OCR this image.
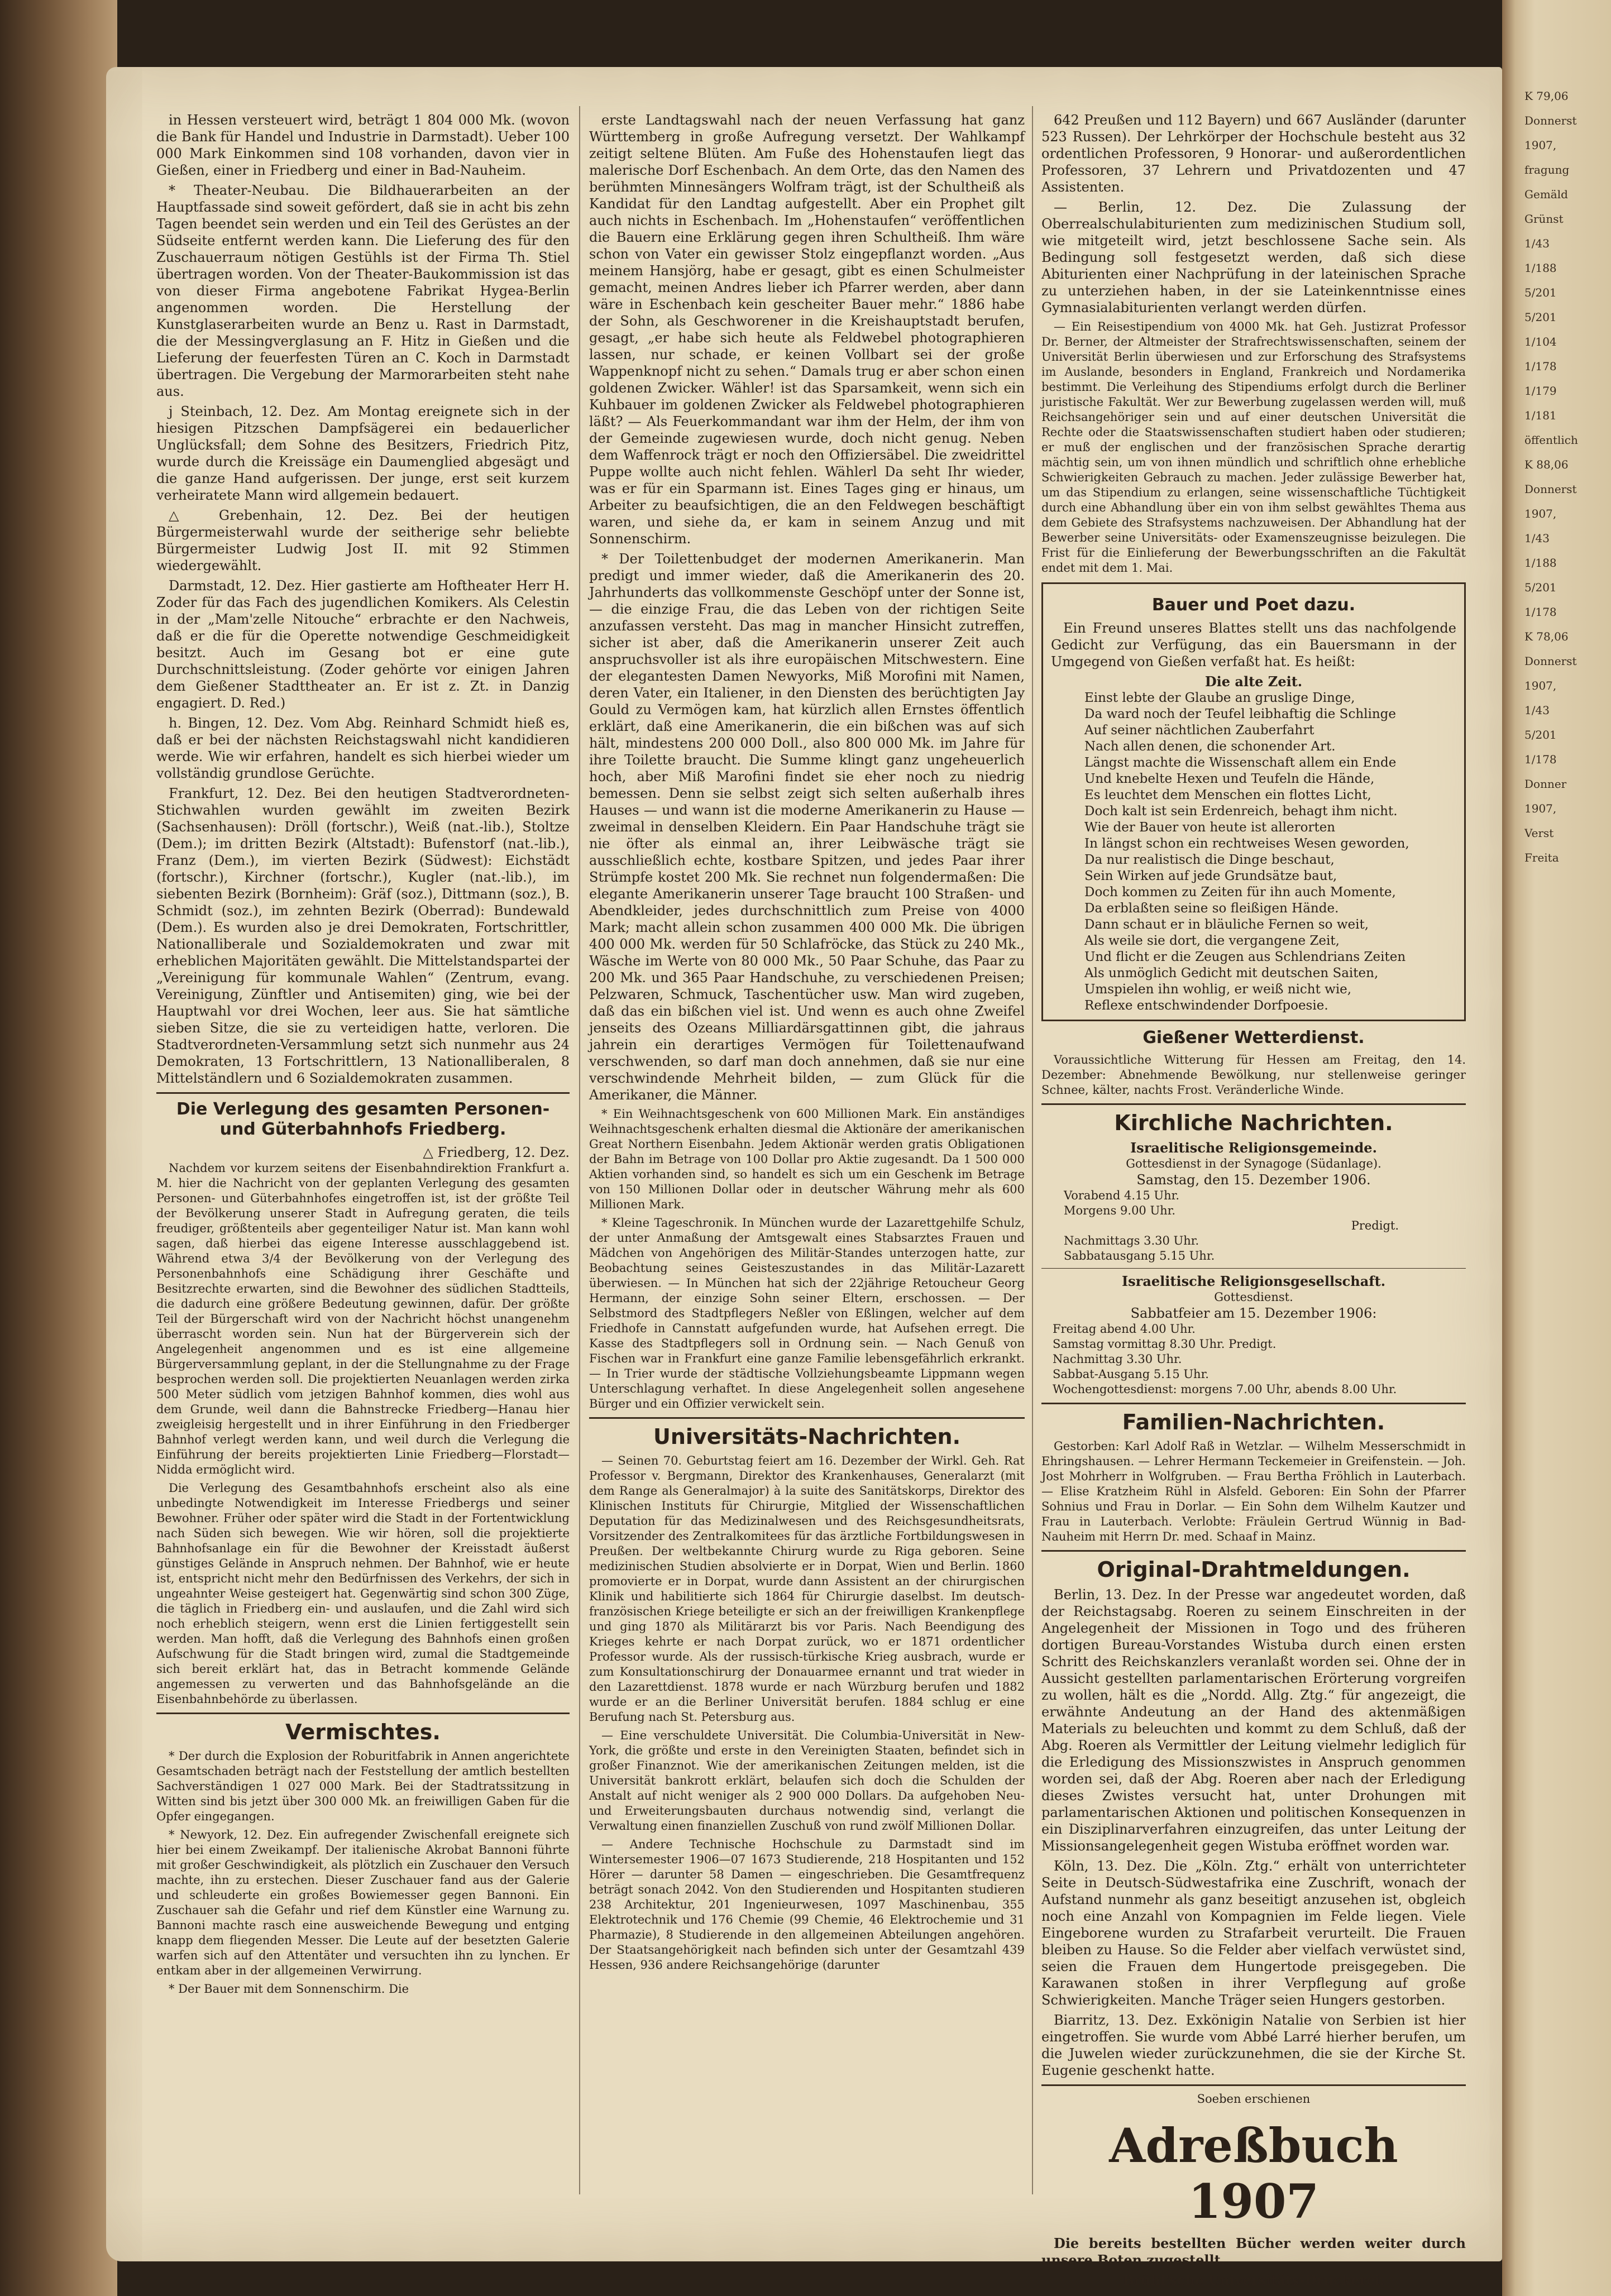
in Hessen versteuert wird, beträgt 1 804 000 Mk. (wovon die Bank für Handel und Industrie in Darmstadt). Ueber 100 000 Mark Einkommen sind 108 vorhanden, davon vier in Gießen, einer in Friedberg und einer in Bad-Nauheim.

* Theater-Neubau. Die Bildhauerarbeiten an der Hauptfassade sind soweit gefördert, daß sie in acht bis zehn Tagen beendet sein werden und ein Teil des Gerüstes an der Südseite entfernt werden kann. Die Lieferung des für den Zuschauerraum nötigen Gestühls ist der Firma Th. Stiel übertragen worden. Von der Theater-Baukommission ist das von dieser Firma angebotene Fabrikat Hygea-Berlin angenommen worden. Die Herstellung der Kunstglaserarbeiten wurde an Benz u. Rast in Darmstadt, die der Messingverglasung an F. Hitz in Gießen und die Lieferung der feuerfesten Türen an C. Koch in Darmstadt übertragen. Die Vergebung der Marmorarbeiten steht nahe aus.

j Steinbach, 12. Dez. Am Montag ereignete sich in der hiesigen Pitzschen Dampfsägerei ein bedauerlicher Unglücksfall; dem Sohne des Besitzers, Friedrich Pitz, wurde durch die Kreissäge ein Daumenglied abgesägt und die ganze Hand aufgerissen. Der junge, erst seit kurzem verheiratete Mann wird allgemein bedauert.

△ Grebenhain, 12. Dez. Bei der heutigen Bürgermeisterwahl wurde der seitherige sehr beliebte Bürgermeister Ludwig Jost II. mit 92 Stimmen wiedergewählt.

Darmstadt, 12. Dez. Hier gastierte am Hoftheater Herr H. Zoder für das Fach des jugendlichen Komikers. Als Celestin in der „Mam'zelle Nitouche“ erbrachte er den Nachweis, daß er die für die Operette notwendige Geschmeidigkeit besitzt. Auch im Gesang bot er eine gute Durchschnittsleistung. (Zoder gehörte vor einigen Jahren dem Gießener Stadttheater an. Er ist z. Zt. in Danzig engagiert. D. Red.)

h. Bingen, 12. Dez. Vom Abg. Reinhard Schmidt hieß es, daß er bei der nächsten Reichstagswahl nicht kandidieren werde. Wie wir erfahren, handelt es sich hierbei wieder um vollständig grundlose Gerüchte.

Frankfurt, 12. Dez. Bei den heutigen Stadtverordneten-Stichwahlen wurden gewählt im zweiten Bezirk (Sachsenhausen): Dröll (fortschr.), Weiß (nat.-lib.), Stoltze (Dem.); im dritten Bezirk (Altstadt): Bufenstorf (nat.-lib.), Franz (Dem.), im vierten Bezirk (Südwest): Eichstädt (fortschr.), Kirchner (fortschr.), Kugler (nat.-lib.), im siebenten Bezirk (Bornheim): Gräf (soz.), Dittmann (soz.), B. Schmidt (soz.), im zehnten Bezirk (Oberrad): Bundewald (Dem.). Es wurden also je drei Demokraten, Fortschrittler, Nationalliberale und Sozialdemokraten und zwar mit erheblichen Majoritäten gewählt. Die Mittelstandspartei der „Vereinigung für kommunale Wahlen“ (Zentrum, evang. Vereinigung, Zünftler und Antisemiten) ging, wie bei der Hauptwahl vor drei Wochen, leer aus. Sie hat sämtliche sieben Sitze, die sie zu verteidigen hatte, verloren. Die Stadtverordneten-Versammlung setzt sich nunmehr aus 24 Demokraten, 13 Fortschrittlern, 13 Nationalliberalen, 8 Mittelständlern und 6 Sozialdemokraten zusammen.

Die Verlegung des gesamten Personen- und Güterbahnhofs Friedberg.
△ Friedberg, 12. Dez.

Nachdem vor kurzem seitens der Eisenbahndirektion Frankfurt a. M. hier die Nachricht von der geplanten Verlegung des gesamten Personen- und Güterbahnhofes eingetroffen ist, ist der größte Teil der Bevölkerung unserer Stadt in Aufregung geraten, die teils freudiger, größtenteils aber gegenteiliger Natur ist. Man kann wohl sagen, daß hierbei das eigene Interesse ausschlaggebend ist. Während etwa 3/4 der Bevölkerung von der Verlegung des Personenbahnhofs eine Schädigung ihrer Geschäfte und Besitzrechte erwarten, sind die Bewohner des südlichen Stadtteils, die dadurch eine größere Bedeutung gewinnen, dafür. Der größte Teil der Bürgerschaft wird von der Nachricht höchst unangenehm überrascht worden sein. Nun hat der Bürgerverein sich der Angelegenheit angenommen und es ist eine allgemeine Bürgerversammlung geplant, in der die Stellungnahme zu der Frage besprochen werden soll. Die projektierten Neuanlagen werden zirka 500 Meter südlich vom jetzigen Bahnhof kommen, dies wohl aus dem Grunde, weil dann die Bahnstrecke Friedberg—Hanau hier zweigleisig hergestellt und in ihrer Einführung in den Friedberger Bahnhof verlegt werden kann, und weil durch die Verlegung die Einführung der bereits projektierten Linie Friedberg—Florstadt—Nidda ermöglicht wird.

Die Verlegung des Gesamtbahnhofs erscheint also als eine unbedingte Notwendigkeit im Interesse Friedbergs und seiner Bewohner. Früher oder später wird die Stadt in der Fortentwicklung nach Süden sich bewegen. Wie wir hören, soll die projektierte Bahnhofsanlage ein für die Bewohner der Kreisstadt äußerst günstiges Gelände in Anspruch nehmen. Der Bahnhof, wie er heute ist, entspricht nicht mehr den Bedürfnissen des Verkehrs, der sich in ungeahnter Weise gesteigert hat. Gegenwärtig sind schon 300 Züge, die täglich in Friedberg ein- und auslaufen, und die Zahl wird sich noch erheblich steigern, wenn erst die Linien fertiggestellt sein werden. Man hofft, daß die Verlegung des Bahnhofs einen großen Aufschwung für die Stadt bringen wird, zumal die Stadtgemeinde sich bereit erklärt hat, das in Betracht kommende Gelände angemessen zu verwerten und das Bahnhofsgelände an die Eisenbahnbehörde zu überlassen.

Vermischtes.

* Der durch die Explosion der Roburitfabrik in Annen angerichtete Gesamtschaden beträgt nach der Feststellung der amtlich bestellten Sachverständigen 1 027 000 Mark. Bei der Stadtratssitzung in Witten sind bis jetzt über 300 000 Mk. an freiwilligen Gaben für die Opfer eingegangen.

* Newyork, 12. Dez. Ein aufregender Zwischenfall ereignete sich hier bei einem Zweikampf. Der italienische Akrobat Bannoni führte mit großer Geschwindigkeit, als plötzlich ein Zuschauer den Versuch machte, ihn zu erstechen. Dieser Zuschauer fand aus der Galerie und schleuderte ein großes Bowiemesser gegen Bannoni. Ein Zuschauer sah die Gefahr und rief dem Künstler eine Warnung zu. Bannoni machte rasch eine ausweichende Bewegung und entging knapp dem fliegenden Messer. Die Leute auf der besetzten Galerie warfen sich auf den Attentäter und versuchten ihn zu lynchen. Er entkam aber in der allgemeinen Verwirrung.

* Der Bauer mit dem Sonnenschirm. Die

erste Landtagswahl nach der neuen Verfassung hat ganz Württemberg in große Aufregung versetzt. Der Wahlkampf zeitigt seltene Blüten. Am Fuße des Hohenstaufen liegt das malerische Dorf Eschenbach. An dem Orte, das den Namen des berühmten Minnesängers Wolfram trägt, ist der Schultheiß als Kandidat für den Landtag aufgestellt. Aber ein Prophet gilt auch nichts in Eschenbach. Im „Hohenstaufen“ veröffentlichen die Bauern eine Erklärung gegen ihren Schultheiß. Ihm wäre schon von Vater ein gewisser Stolz eingepflanzt worden. „Aus meinem Hansjörg, habe er gesagt, gibt es einen Schulmeister gemacht, meinen Andres lieber ich Pfarrer werden, aber dann wäre in Eschenbach kein gescheiter Bauer mehr.“ 1886 habe der Sohn, als Geschworener in die Kreishauptstadt berufen, gesagt, „er habe sich heute als Feldwebel photographieren lassen, nur schade, er keinen Vollbart sei der große Wappenknopf nicht zu sehen.“ Damals trug er aber schon einen goldenen Zwicker. Wähler! ist das Sparsamkeit, wenn sich ein Kuhbauer im goldenen Zwicker als Feldwebel photographieren läßt? — Als Feuerkommandant war ihm der Helm, der ihm von der Gemeinde zugewiesen wurde, doch nicht genug. Neben dem Waffenrock trägt er noch den Offiziersäbel. Die zweidrittel Puppe wollte auch nicht fehlen. Wählerl Da seht Ihr wieder, was er für ein Sparmann ist. Eines Tages ging er hinaus, um Arbeiter zu beaufsichtigen, die an den Feldwegen beschäftigt waren, und siehe da, er kam in seinem Anzug und mit Sonnenschirm.

* Der Toilettenbudget der modernen Amerikanerin. Man predigt und immer wieder, daß die Amerikanerin des 20. Jahrhunderts das vollkommenste Geschöpf unter der Sonne ist, — die einzige Frau, die das Leben von der richtigen Seite anzufassen versteht. Das mag in mancher Hinsicht zutreffen, sicher ist aber, daß die Amerikanerin unserer Zeit auch anspruchsvoller ist als ihre europäischen Mitschwestern. Eine der elegantesten Damen Newyorks, Miß Morofini mit Namen, deren Vater, ein Italiener, in den Diensten des berüchtigten Jay Gould zu Vermögen kam, hat kürzlich allen Ernstes öffentlich erklärt, daß eine Amerikanerin, die ein bißchen was auf sich hält, mindestens 200 000 Doll., also 800 000 Mk. im Jahre für ihre Toilette braucht. Die Summe klingt ganz ungeheuerlich hoch, aber Miß Marofini findet sie eher noch zu niedrig bemessen. Denn sie selbst zeigt sich selten außerhalb ihres Hauses — und wann ist die moderne Amerikanerin zu Hause — zweimal in denselben Kleidern. Ein Paar Handschuhe trägt sie nie öfter als einmal an, ihrer Leibwäsche trägt sie ausschließlich echte, kostbare Spitzen, und jedes Paar ihrer Strümpfe kostet 200 Mk. Sie rechnet nun folgendermaßen: Die elegante Amerikanerin unserer Tage braucht 100 Straßen- und Abendkleider, jedes durchschnittlich zum Preise von 4000 Mark; macht allein schon zusammen 400 000 Mk. Die übrigen 400 000 Mk. werden für 50 Schlafröcke, das Stück zu 240 Mk., Wäsche im Werte von 80 000 Mk., 50 Paar Schuhe, das Paar zu 200 Mk. und 365 Paar Handschuhe, zu verschiedenen Preisen; Pelzwaren, Schmuck, Taschentücher usw. Man wird zugeben, daß das ein bißchen viel ist. Und wenn es auch ohne Zweifel jenseits des Ozeans Milliardärsgattinnen gibt, die jahraus jahrein ein derartiges Vermögen für Toilettenaufwand verschwenden, so darf man doch annehmen, daß sie nur eine verschwindende Mehrheit bilden, — zum Glück für die Amerikaner, die Männer.

* Ein Weihnachtsgeschenk von 600 Millionen Mark. Ein anständiges Weihnachtsgeschenk erhalten diesmal die Aktionäre der amerikanischen Great Northern Eisenbahn. Jedem Aktionär werden gratis Obligationen der Bahn im Betrage von 100 Dollar pro Aktie zugesandt. Da 1 500 000 Aktien vorhanden sind, so handelt es sich um ein Geschenk im Betrage von 150 Millionen Dollar oder in deutscher Währung mehr als 600 Millionen Mark.

* Kleine Tageschronik. In München wurde der Lazarettgehilfe Schulz, der unter Anmaßung der Amtsgewalt eines Stabsarztes Frauen und Mädchen von Angehörigen des Militär-Standes unterzogen hatte, zur Beobachtung seines Geisteszustandes in das Militär-Lazarett überwiesen. — In München hat sich der 22jährige Retoucheur Georg Hermann, der einzige Sohn seiner Eltern, erschossen. — Der Selbstmord des Stadtpflegers Neßler von Eßlingen, welcher auf dem Friedhofe in Cannstatt aufgefunden wurde, hat Aufsehen erregt. Die Kasse des Stadtpflegers soll in Ordnung sein. — Nach Genuß von Fischen war in Frankfurt eine ganze Familie lebensgefährlich erkrankt. — In Trier wurde der städtische Vollziehungsbeamte Lippmann wegen Unterschlagung verhaftet. In diese Angelegenheit sollen angesehene Bürger und ein Offizier verwickelt sein.

Universitäts-Nachrichten.

— Seinen 70. Geburtstag feiert am 16. Dezember der Wirkl. Geh. Rat Professor v. Bergmann, Direktor des Krankenhauses, Generalarzt (mit dem Range als Generalmajor) à la suite des Sanitätskorps, Direktor des Klinischen Instituts für Chirurgie, Mitglied der Wissenschaftlichen Deputation für das Medizinalwesen und des Reichsgesundheitsrats, Vorsitzender des Zentralkomitees für das ärztliche Fortbildungswesen in Preußen. Der weltbekannte Chirurg wurde zu Riga geboren. Seine medizinischen Studien absolvierte er in Dorpat, Wien und Berlin. 1860 promovierte er in Dorpat, wurde dann Assistent an der chirurgischen Klinik und habilitierte sich 1864 für Chirurgie daselbst. Im deutsch-französischen Kriege beteiligte er sich an der freiwilligen Krankenpflege und ging 1870 als Militärarzt bis vor Paris. Nach Beendigung des Krieges kehrte er nach Dorpat zurück, wo er 1871 ordentlicher Professor wurde. Als der russisch-türkische Krieg ausbrach, wurde er zum Konsultationschirurg der Donauarmee ernannt und trat wieder in den Lazarettdienst. 1878 wurde er nach Würzburg berufen und 1882 wurde er an die Berliner Universität berufen. 1884 schlug er eine Berufung nach St. Petersburg aus.

— Eine verschuldete Universität. Die Columbia-Universität in New-York, die größte und erste in den Vereinigten Staaten, befindet sich in großer Finanznot. Wie der amerikanischen Zeitungen melden, ist die Universität bankrott erklärt, belaufen sich doch die Schulden der Anstalt auf nicht weniger als 2 900 000 Dollars. Da aufgehoben Neu- und Erweiterungsbauten durchaus notwendig sind, verlangt die Verwaltung einen finanziellen Zuschuß von rund zwölf Millionen Dollar.

— Andere Technische Hochschule zu Darmstadt sind im Wintersemester 1906—07 1673 Studierende, 218 Hospitanten und 152 Hörer — darunter 58 Damen — eingeschrieben. Die Gesamtfrequenz beträgt sonach 2042. Von den Studierenden und Hospitanten studieren 238 Architektur, 201 Ingenieurwesen, 1097 Maschinenbau, 355 Elektrotechnik und 176 Chemie (99 Chemie, 46 Elektrochemie und 31 Pharmazie), 8 Studierende in den allgemeinen Abteilungen angehören. Der Staatsangehörigkeit nach befinden sich unter der Gesamtzahl 439 Hessen, 936 andere Reichsangehörige (darunter

642 Preußen und 112 Bayern) und 667 Ausländer (darunter 523 Russen). Der Lehrkörper der Hochschule besteht aus 32 ordentlichen Professoren, 9 Honorar- und außerordentlichen Professoren, 37 Lehrern und Privatdozenten und 47 Assistenten.

— Berlin, 12. Dez. Die Zulassung der Oberrealschulabiturienten zum medizinischen Studium soll, wie mitgeteilt wird, jetzt beschlossene Sache sein. Als Bedingung soll festgesetzt werden, daß sich diese Abiturienten einer Nachprüfung in der lateinischen Sprache zu unterziehen haben, in der sie Lateinkenntnisse eines Gymnasialabiturienten verlangt werden dürfen.

— Ein Reisestipendium von 4000 Mk. hat Geh. Justizrat Professor Dr. Berner, der Altmeister der Strafrechtswissenschaften, seinem der Universität Berlin überwiesen und zur Erforschung des Strafsystems im Auslande, besonders in England, Frankreich und Nordamerika bestimmt. Die Verleihung des Stipendiums erfolgt durch die Berliner juristische Fakultät. Wer zur Bewerbung zugelassen werden will, muß Reichsangehöriger sein und auf einer deutschen Universität die Rechte oder die Staatswissenschaften studiert haben oder studieren; er muß der englischen und der französischen Sprache derartig mächtig sein, um von ihnen mündlich und schriftlich ohne erhebliche Schwierigkeiten Gebrauch zu machen. Jeder zulässige Bewerber hat, um das Stipendium zu erlangen, seine wissenschaftliche Tüchtigkeit durch eine Abhandlung über ein von ihm selbst gewähltes Thema aus dem Gebiete des Strafsystems nachzuweisen. Der Abhandlung hat der Bewerber seine Universitäts- oder Examenszeugnisse beizulegen. Die Frist für die Einlieferung der Bewerbungsschriften an die Fakultät endet mit dem 1. Mai.

Bauer und Poet dazu.

Ein Freund unseres Blattes stellt uns das nachfolgende Gedicht zur Verfügung, das ein Bauersmann in der Umgegend von Gießen verfaßt hat. Es heißt:

Die alte Zeit.
Einst lebte der Glaube an gruslige Dinge,
Da ward noch der Teufel leibhaftig die Schlinge
Auf seiner nächtlichen Zauberfahrt
Nach allen denen, die schonender Art.
Längst machte die Wissenschaft allem ein Ende
Und knebelte Hexen und Teufeln die Hände,
Es leuchtet dem Menschen ein flottes Licht,
Doch kalt ist sein Erdenreich, behagt ihm nicht.
Wie der Bauer von heute ist allerorten
In längst schon ein rechtweises Wesen geworden,
Da nur realistisch die Dinge beschaut,
Sein Wirken auf jede Grundsätze baut,
Doch kommen zu Zeiten für ihn auch Momente,
Da erblaßten seine so fleißigen Hände.
Dann schaut er in bläuliche Fernen so weit,
Als weile sie dort, die vergangene Zeit,
Und flicht er die Zeugen aus Schlendrians Zeiten
Als unmöglich Gedicht mit deutschen Saiten,
Umspielen ihn wohlig, er weiß nicht wie,
Reflexe entschwindender Dorfpoesie.
Gießener Wetterdienst.

Voraussichtliche Witterung für Hessen am Freitag, den 14. Dezember: Abnehmende Bewölkung, nur stellenweise geringer Schnee, kälter, nachts Frost. Veränderliche Winde.

Kirchliche Nachrichten.
Israelitische Religionsgemeinde.
Gottesdienst in der Synagoge (Südanlage).
Samstag, den 15. Dezember 1906.
Vorabend 4.15 Uhr.
Morgens 9.00 Uhr.
Predigt.
Nachmittags 3.30 Uhr.
Sabbatausgang 5.15 Uhr.
Israelitische Religionsgesellschaft.
Gottesdienst.
Sabbatfeier am 15. Dezember 1906:
Freitag abend 4.00 Uhr.
Samstag vormittag 8.30 Uhr. Predigt.
Nachmittag 3.30 Uhr.
Sabbat-Ausgang 5.15 Uhr.
Wochengottesdienst: morgens 7.00 Uhr, abends 8.00 Uhr.
Familien-Nachrichten.

Gestorben: Karl Adolf Raß in Wetzlar. — Wilhelm Messerschmidt in Ehringshausen. — Lehrer Hermann Teckemeier in Greifenstein. — Joh. Jost Mohrherr in Wolfgruben. — Frau Bertha Fröhlich in Lauterbach. — Elise Kratzheim Rühl in Alsfeld. Geboren: Ein Sohn der Pfarrer Sohnius und Frau in Dorlar. — Ein Sohn dem Wilhelm Kautzer und Frau in Lauterbach. Verlobte: Fräulein Gertrud Wünnig in Bad-Nauheim mit Herrn Dr. med. Schaaf in Mainz.

Original-Drahtmeldungen.

Berlin, 13. Dez. In der Presse war angedeutet worden, daß der Reichstagsabg. Roeren zu seinem Einschreiten in der Angelegenheit der Missionen in Togo und des früheren dortigen Bureau-Vorstandes Wistuba durch einen ersten Schritt des Reichskanzlers veranlaßt worden sei. Ohne der in Aussicht gestellten parlamentarischen Erörterung vorgreifen zu wollen, hält es die „Nordd. Allg. Ztg.“ für angezeigt, die erwähnte Andeutung an der Hand des aktenmäßigen Materials zu beleuchten und kommt zu dem Schluß, daß der Abg. Roeren als Vermittler der Leitung vielmehr lediglich für die Erledigung des Missionszwistes in Anspruch genommen worden sei, daß der Abg. Roeren aber nach der Erledigung dieses Zwistes versucht hat, unter Drohungen mit parlamentarischen Aktionen und politischen Konsequenzen in ein Disziplinarverfahren einzugreifen, das unter Leitung der Missionsangelegenheit gegen Wistuba eröffnet worden war.

Köln, 13. Dez. Die „Köln. Ztg.“ erhält von unterrichteter Seite in Deutsch-Südwestafrika eine Zuschrift, wonach der Aufstand nunmehr als ganz beseitigt anzusehen ist, obgleich noch eine Anzahl von Kompagnien im Felde liegen. Viele Eingeborene wurden zu Strafarbeit verurteilt. Die Frauen bleiben zu Hause. So die Felder aber vielfach verwüstet sind, seien die Frauen dem Hungertode preisgegeben. Die Karawanen stoßen in ihrer Verpflegung auf große Schwierigkeiten. Manche Träger seien Hungers gestorben.

Biarritz, 13. Dez. Exkönigin Natalie von Serbien ist hier eingetroffen. Sie wurde vom Abbé Larré hierher berufen, um die Juwelen wieder zurückzunehmen, die sie der Kirche St. Eugenie geschenkt hatte.

Soeben erschienen
Adreßbuch 1907

Die bereits bestellten Bücher werden weiter durch unsere Boten zugestellt.

Brühl'sche Universitäts-Druckerei.
K 79,06
Donnerst
1907,
fragung
Gemäld
Grünst
1/43
1/188
5/201
5/201
1/104
1/178
1/179
1/181
öffentlich
K 88,06
Donnerst
1907,
1/43
1/188
5/201
1/178
K 78,06
Donnerst
1907,
1/43
5/201
1/178
Donner
1907,
Verst
Freita
